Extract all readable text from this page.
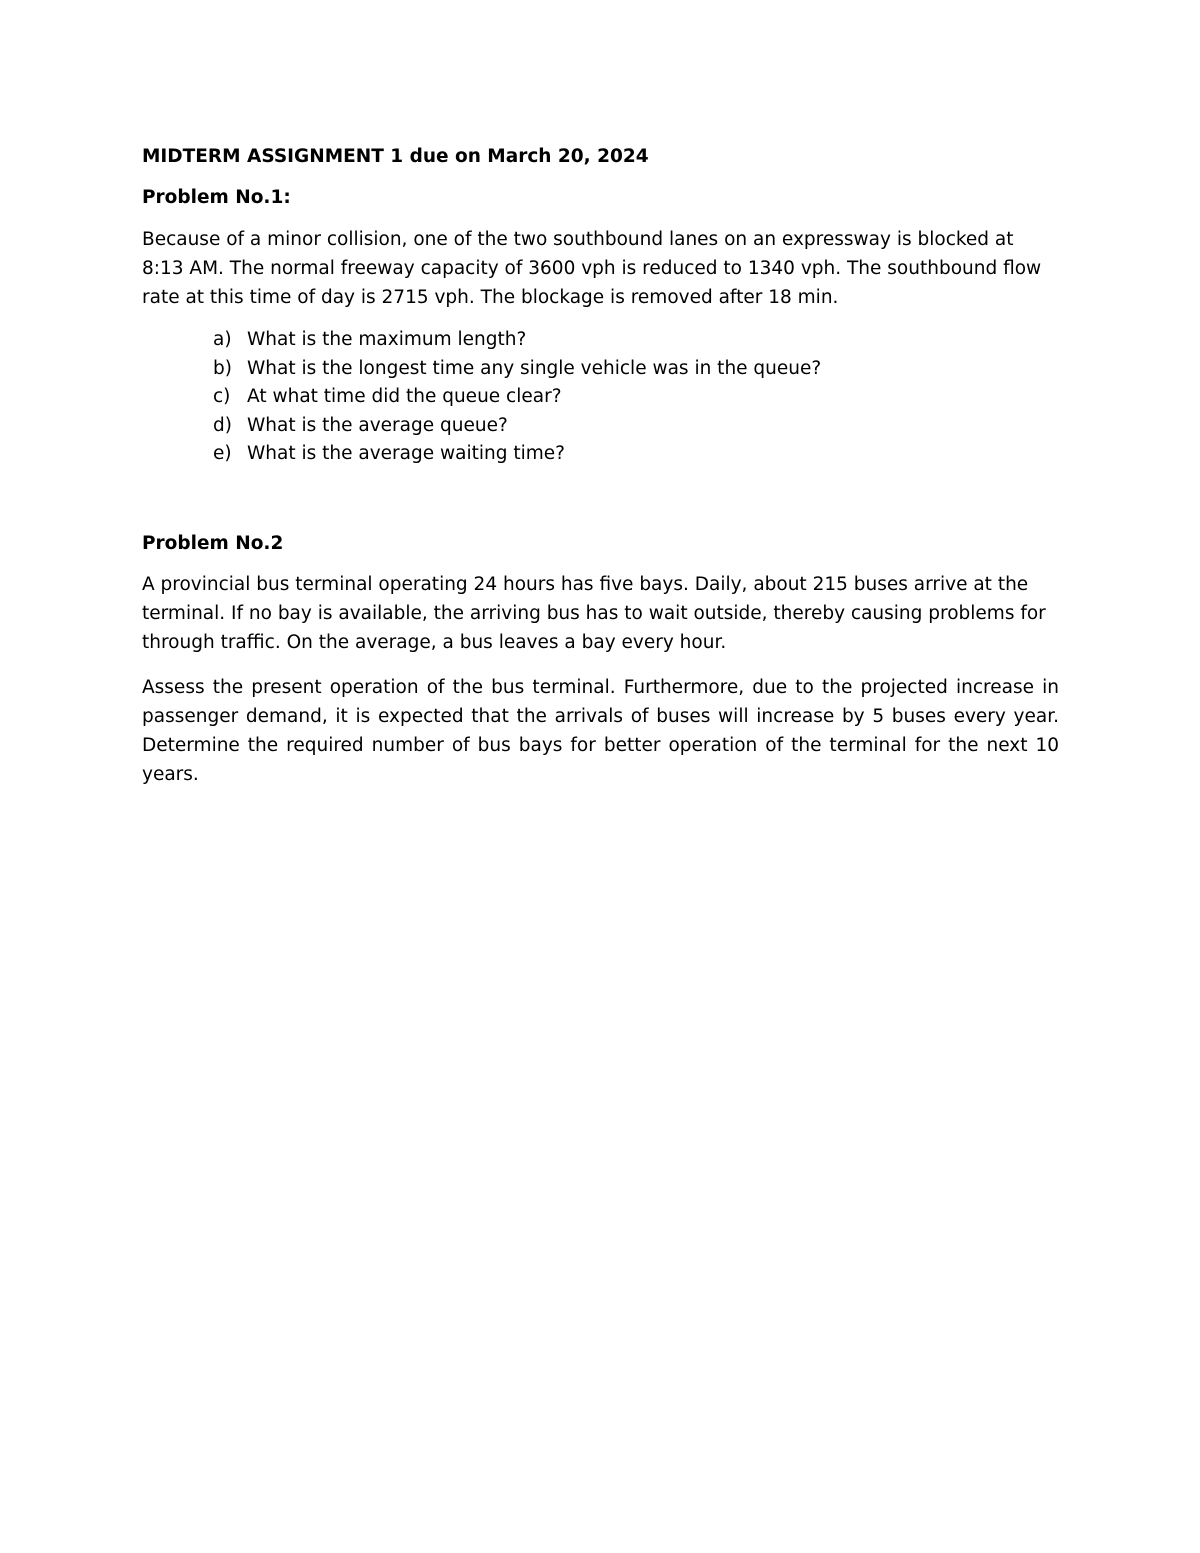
MIDTERM ASSIGNMENT 1 due on March 20, 2024

Problem No.1:

Because of a minor collision, one of the two southbound lanes on an expressway is blocked at 8:13 AM. The normal freeway capacity of 3600 vph is reduced to 1340 vph. The southbound flow rate at this time of day is 2715 vph. The blockage is removed after 18 min.

a) What is the maximum length?
b) What is the longest time any single vehicle was in the queue?
c) At what time did the queue clear?
d) What is the average queue?
e) What is the average waiting time?

Problem No.2

A provincial bus terminal operating 24 hours has five bays. Daily, about 215 buses arrive at the terminal. If no bay is available, the arriving bus has to wait outside, thereby causing problems for through traffic. On the average, a bus leaves a bay every hour.

Assess the present operation of the bus terminal. Furthermore, due to the projected increase in passenger demand, it is expected that the arrivals of buses will increase by 5 buses every year. Determine the required number of bus bays for better operation of the terminal for the next 10 years.
